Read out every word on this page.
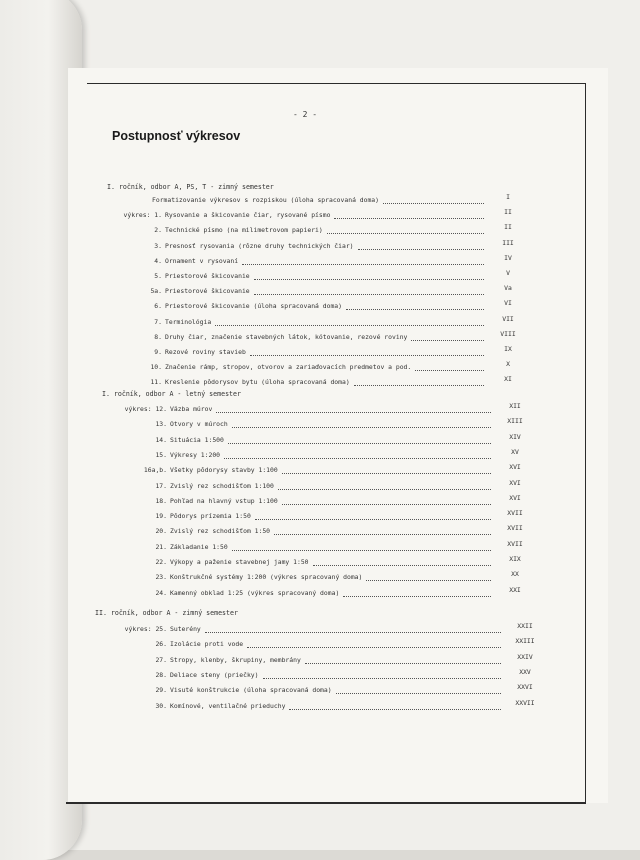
- 2 -
Postupnosť výkresov
I. ročník, odbor A, PS, T - zimný semester
Formatizovanie výkresov s rozpiskou (úloha spracovaná doma)	I
výkres: 1. Rysovanie a škicovanie čiar, rysované písmo	II
2. Technické písmo (na milimetrovom papieri)	II
3. Presnosť rysovania (rôzne druhy technických čiar)	III
4. Ornament v rysovaní	IV
5. Priestorové škicovanie	V
5a. Priestorové škicovanie	Va
6. Priestorové škicovanie (úloha spracovaná doma)	VI
7. Terminológia	VII
8. Druhy čiar, značenie stavebných látok, kótovanie, rezové roviny	VIII
9. Rezové roviny stavieb	IX
10. Značenie rámp, stropov, otvorov a zariaďovacích predmetov a pod.	X
11. Kreslenie pôdorysov bytu (úloha spracovaná doma)	XI
I. ročník, odbor A - letný semester
výkres: 12. Väzba múrov	XII
13. Otvory v múroch	XIII
14. Situácia 1:500	XIV
15. Výkresy 1:200	XV
16a,b. Všetky pôdorysy stavby 1:100	XVI
17. Zvislý rez schodišťom 1:100	XVI
18. Pohľad na hlavný vstup 1:100	XVI
19. Pôdorys prízemia 1:50	XVII
20. Zvislý rez schodišťom 1:50	XVII
21. Základanie 1:50	XVII
22. Výkopy a paženie stavebnej jamy 1:50	XIX
23. Konštrukčné systémy 1:200 (výkres spracovaný doma)	XX
24. Kamenný obklad 1:25 (výkres spracovaný doma)	XXI
II. ročník, odbor A - zimný semester
výkres: 25. Suterény	XXII
26. Izolácie proti vode	XXIII
27. Stropy, klenby, škrupiny, membrány	XXIV
28. Deliace steny (priečky)	XXV
29. Visuté konštrukcie (úloha spracovaná doma)	XXVI
30. Komínové, ventilačné prieduchy	XXVII
